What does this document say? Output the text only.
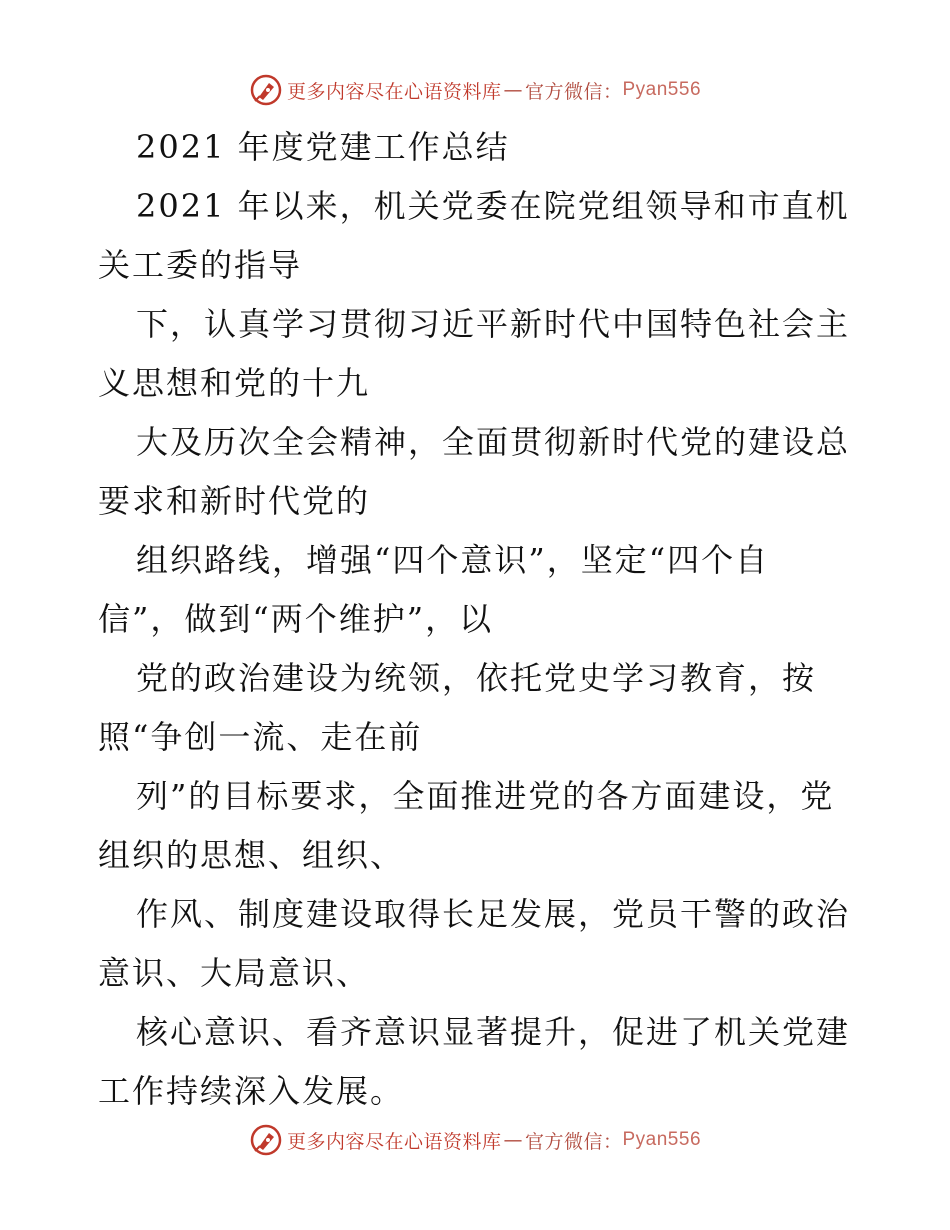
更多内容尽在心语资料库 — 官方微信： Pyan556
2021 年度党建工作总结
2021 年以来，机关党委在院党组领导和市直机
关工委的指导
下，认真学习贯彻习近平新时代中国特色社会主
义思想和党的十九
大及历次全会精神，全面贯彻新时代党的建设总
要求和新时代党的
组织路线，增强“四个意识”，坚定“四个自
信”，做到“两个维护”，以
党的政治建设为统领，依托党史学习教育，按
照“争创一流、走在前
列”的目标要求，全面推进党的各方面建设，党
组织的思想、组织、
作风、制度建设取得长足发展，党员干警的政治
意识、大局意识、
核心意识、看齐意识显著提升，促进了机关党建
工作持续深入发展。
更多内容尽在心语资料库 — 官方微信： Pyan556
